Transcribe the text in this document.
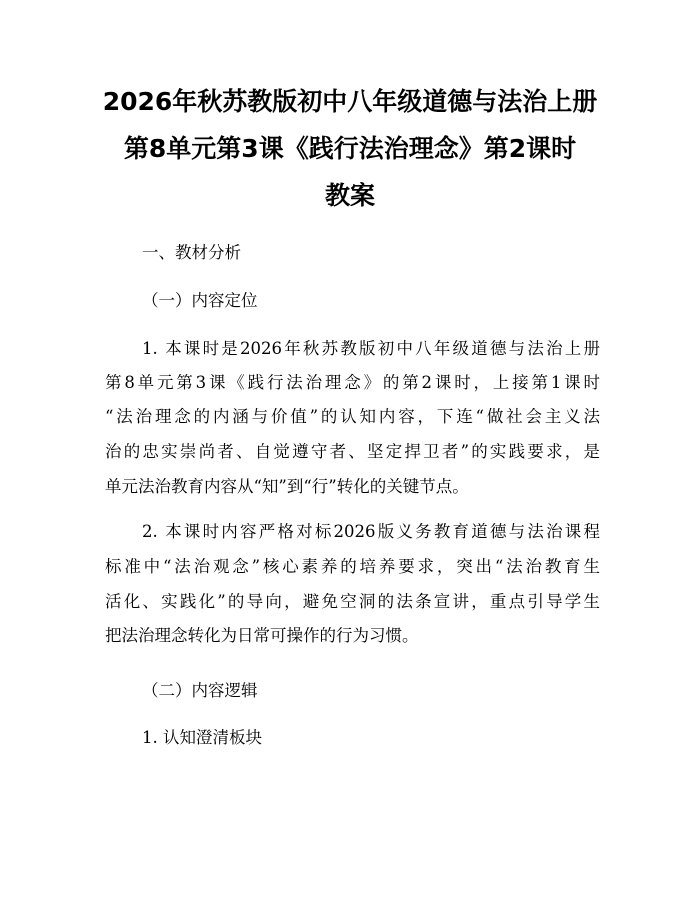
2026年秋苏教版初中八年级道德与法治上册
第8单元第3课《践行法治理念》第2课时
教案
一、教材分析
（一）内容定位
1. 本课时是2026年秋苏教版初中八年级道德与法治上册
第8单元第3课《践行法治理念》的第2课时，上接第1课时
“法治理念的内涵与价值”的认知内容，下连“做社会主义法
治的忠实崇尚者、自觉遵守者、坚定捍卫者”的实践要求，是
单元法治教育内容从“知”到“行”转化的关键节点。
2. 本课时内容严格对标2026版义务教育道德与法治课程
标准中“法治观念”核心素养的培养要求，突出“法治教育生
活化、实践化”的导向，避免空洞的法条宣讲，重点引导学生
把法治理念转化为日常可操作的行为习惯。
（二）内容逻辑
1. 认知澄清板块
